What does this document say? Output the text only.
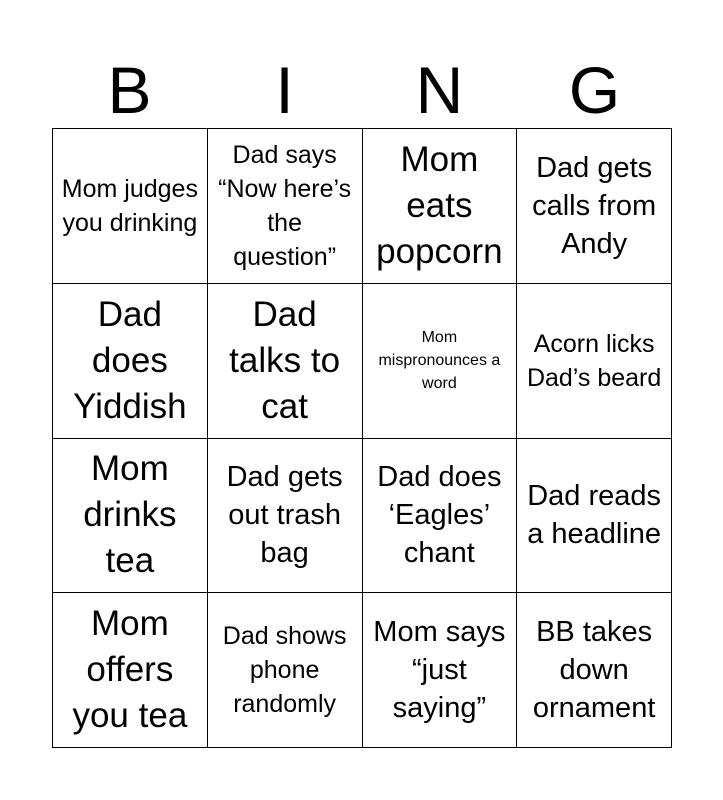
B	I	N	G
Mom judges you drinking
Dad says “Now here’s the question”
Mom eats popcorn
Dad gets calls from Andy
Dad does Yiddish
Dad talks to cat
Mom mispronounces a word
Acorn licks Dad’s beard
Mom drinks tea
Dad gets out trash bag
Dad does ‘Eagles’ chant
Dad reads a headline
Mom offers you tea
Dad shows phone randomly
Mom says “just saying”
BB takes down ornament
